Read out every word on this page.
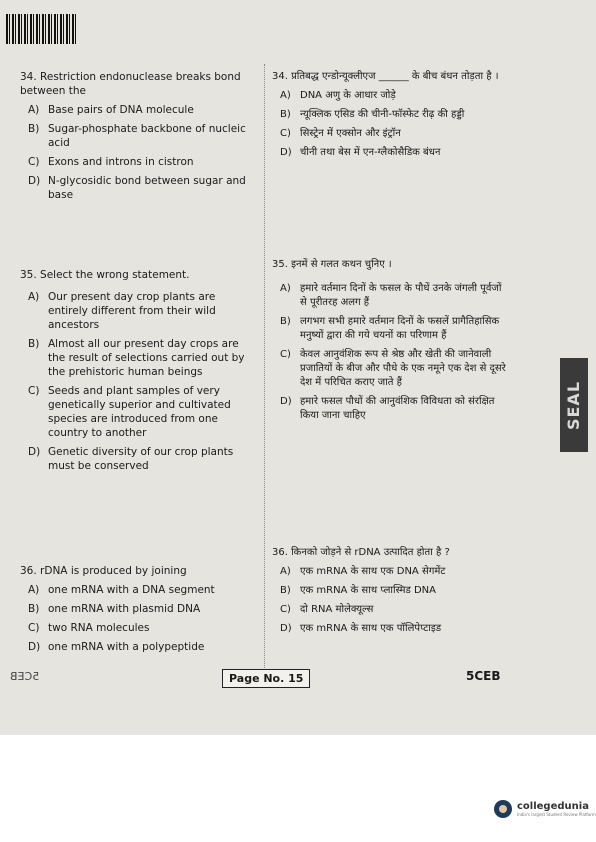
34. Restriction endonuclease breaks bond between the
A) Base pairs of DNA molecule
B) Sugar-phosphate backbone of nucleic acid
C) Exons and introns in cistron
D) N-glycosidic bond between sugar and base
35. Select the wrong statement.
A) Our present day crop plants are entirely different from their wild ancestors
B) Almost all our present day crops are the result of selections carried out by the prehistoric human beings
C) Seeds and plant samples of very genetically superior and cultivated species are introduced from one country to another
D) Genetic diversity of our crop plants must be conserved
36. rDNA is produced by joining
A) one mRNA with a DNA segment
B) one mRNA with plasmid DNA
C) two RNA molecules
D) one mRNA with a polypeptide
34. प्रतिबद्ध एन्डोन्यूक्लीएज ______ के बीच बंधन तोड़ता है ।
A) DNA अणु के आधार जोड़े
B) न्यूक्लिक एसिड की चीनी-फॉस्फेट रीढ़ की हड्डी
C) सिस्ट्रेन में एक्सोन और इंट्रॉन
D) चीनी तथा बेस में एन-ग्लैकोसैडिक बंधन
35. इनमें से गलत कथन चुनिए ।
A) हमारे वर्तमान दिनों के फसल के पौधें उनके जंगली पूर्वजों से पूरीतरह अलग हैं
B) लगभग सभी हमारे वर्तमान दिनों के फसलें प्रागैतिहासिक मनुष्यों द्वारा की गये चयनों का परिणाम हैं
C) केवल आनुवंशिक रूप से श्रेष्ठ और खेती की जानेवाली प्रजातियों के बीज और पौधे के एक नमूने एक देश से दूसरे देश में परिचित कराए जाते हैं
D) हमारे फसल पौधों की आनुवंशिक विविधता को संरक्षित किया जाना चाहिए
36. किनको जोड़ने से rDNA उत्पादित होता है ?
A) एक mRNA के साथ एक DNA सेगमेंट
B) एक mRNA के साथ प्लास्मिड DNA
C) दो RNA मोलेक्यूल्स
D) एक mRNA के साथ एक पॉलिपेप्टाइड
SEAL
5CEB	Page No. 15	5CEB
collegedunia
India's largest Student Review Platform
